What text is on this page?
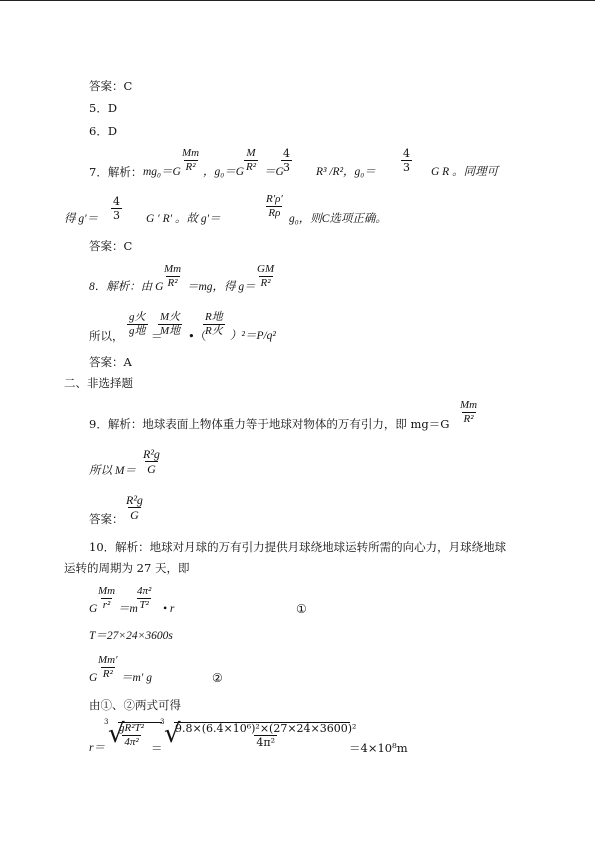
答案：C
5．D
6．D
7．解析： $mg_0=G \frac{Mm}{\text{R²}}$ ，$g_0=G \frac{M}{\text{R²}} =G$
$\frac{4}{3} R^3$ /R²，$g_0= \frac{4}{3}$ G R 。同理可
得 $g'= \frac{4}{3}$ G ′ R′ 。故 g′＝	$\frac{R'\rho'}{R\rho} g_0$，则C选项正确。
答案：C
8．解析：由 G
$\frac{Mm}{\text{R²}} =mg$，得 $g= \frac{GM}{\text{R²}}$
所以，
g火
g地 ＝
M火
M地 •（
R地
R火 ）²＝P/q²
答案：A
二、非选择题
9．解析：地球表面上物体重力等于地球对物体的万有引力，即 $mg=G \frac{Mm}{\text{R²}}$
所以 $M= \frac{\text{R²g}}{G}$
答案： $\frac{\text{R²g}}{G}$
10．解析：地球对月球的万有引力提供月球绕地球运转所需的向心力，月球绕地球
运转的周期为 27 天，即
G
$\frac{Mm}{\text{r²}} =m$
$\frac{\text{4π²}}{\text{T²}}$ • r	①
T＝27×24×3600s
G
$\frac{Mm'}{\text{R²}} =m'$ g	②
由①、②两式可得
r＝
3 √
$\frac{\text{gR²T²}}{\text{4π²}}$ ＝
3 √
$\frac{\text{9.8×(6.4×10⁶)²×(27×24×3600)²}}{\text{4π²}}$
＝4×10⁸m
